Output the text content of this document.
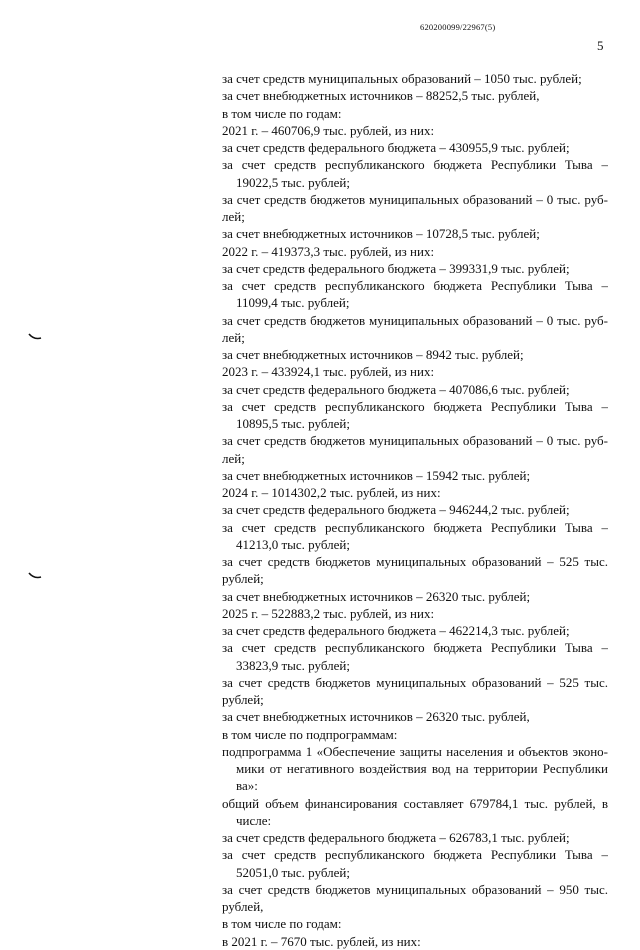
620200099/22967(5)
5
за счет средств муниципальных образований – 1050 тыс. рублей;
за счет внебюджетных источников – 88252,5 тыс. рублей,
в том числе по годам:
2021 г. – 460706,9 тыс. рублей, из них:
за счет средств федерального бюджета – 430955,9 тыс. рублей;
за счет средств республиканского бюджета Республики Тыва –
19022,5 тыс. рублей;
за счет средств бюджетов муниципальных образований – 0 тыс. руб-
лей;
за счет внебюджетных источников – 10728,5 тыс. рублей;
2022 г. – 419373,3 тыс. рублей, из них:
за счет средств федерального бюджета – 399331,9 тыс. рублей;
за счет средств республиканского бюджета Республики Тыва –
11099,4 тыс. рублей;
за счет средств бюджетов муниципальных образований – 0 тыс. руб-
лей;
за счет внебюджетных источников – 8942 тыс. рублей;
2023 г. – 433924,1 тыс. рублей, из них:
за счет средств федерального бюджета – 407086,6 тыс. рублей;
за счет средств республиканского бюджета Республики Тыва –
10895,5 тыс. рублей;
за счет средств бюджетов муниципальных образований – 0 тыс. руб-
лей;
за счет внебюджетных источников – 15942 тыс. рублей;
2024 г. – 1014302,2 тыс. рублей, из них:
за счет средств федерального бюджета – 946244,2 тыс. рублей;
за счет средств республиканского бюджета Республики Тыва –
41213,0 тыс. рублей;
за счет средств бюджетов муниципальных образований – 525 тыс.
рублей;
за счет внебюджетных источников – 26320 тыс. рублей;
2025 г. – 522883,2 тыс. рублей, из них:
за счет средств федерального бюджета – 462214,3 тыс. рублей;
за счет средств республиканского бюджета Республики Тыва –
33823,9 тыс. рублей;
за счет средств бюджетов муниципальных образований – 525 тыс.
рублей;
за счет внебюджетных источников – 26320 тыс. рублей,
в том числе по подпрограммам:
подпрограмма 1 «Обеспечение защиты населения и объектов эконо-
мики от негативного воздействия вод на территории Республики
ва»:
общий объем финансирования составляет 679784,1 тыс. рублей, в
числе:
за счет средств федерального бюджета – 626783,1 тыс. рублей;
за счет средств республиканского бюджета Республики Тыва –
52051,0 тыс. рублей;
за счет средств бюджетов муниципальных образований – 950 тыс.
рублей,
в том числе по годам:
в 2021 г. – 7670 тыс. рублей, из них:
